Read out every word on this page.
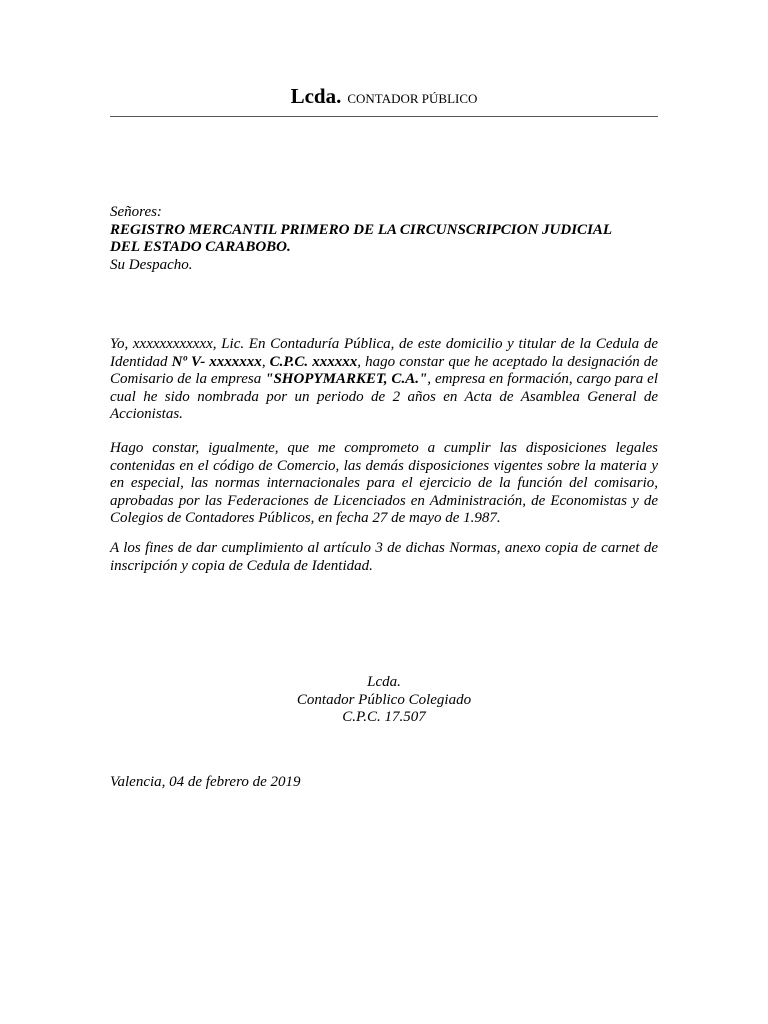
Lcda. CONTADOR PÚBLICO
Señores:
REGISTRO MERCANTIL PRIMERO DE LA CIRCUNSCRIPCION JUDICIAL
DEL ESTADO CARABOBO.
Su Despacho.

Yo, xxxxxxxxxxxx, Lic. En Contaduría Pública, de este domicilio y titular de la Cedula de Identidad Nº V- xxxxxxx, C.P.C. xxxxxx, hago constar que he aceptado la designación de Comisario de la empresa "SHOPYMARKET, C.A.", empresa en formación, cargo para el cual he sido nombrada por un periodo de 2 años en Acta de Asamblea General de Accionistas.

Hago constar, igualmente, que me comprometo a cumplir las disposiciones legales contenidas en el código de Comercio, las demás disposiciones vigentes sobre la materia y en especial, las normas internacionales para el ejercicio de la función del comisario, aprobadas por las Federaciones de Licenciados en Administración, de Economistas y de Colegios de Contadores Públicos, en fecha 27 de mayo de 1.987.

A los fines de dar cumplimiento al artículo 3 de dichas Normas, anexo copia de carnet de inscripción y copia de Cedula de Identidad.

Lcda.
Contador Público Colegiado
C.P.C. 17.507
Valencia, 04 de febrero de 2019
